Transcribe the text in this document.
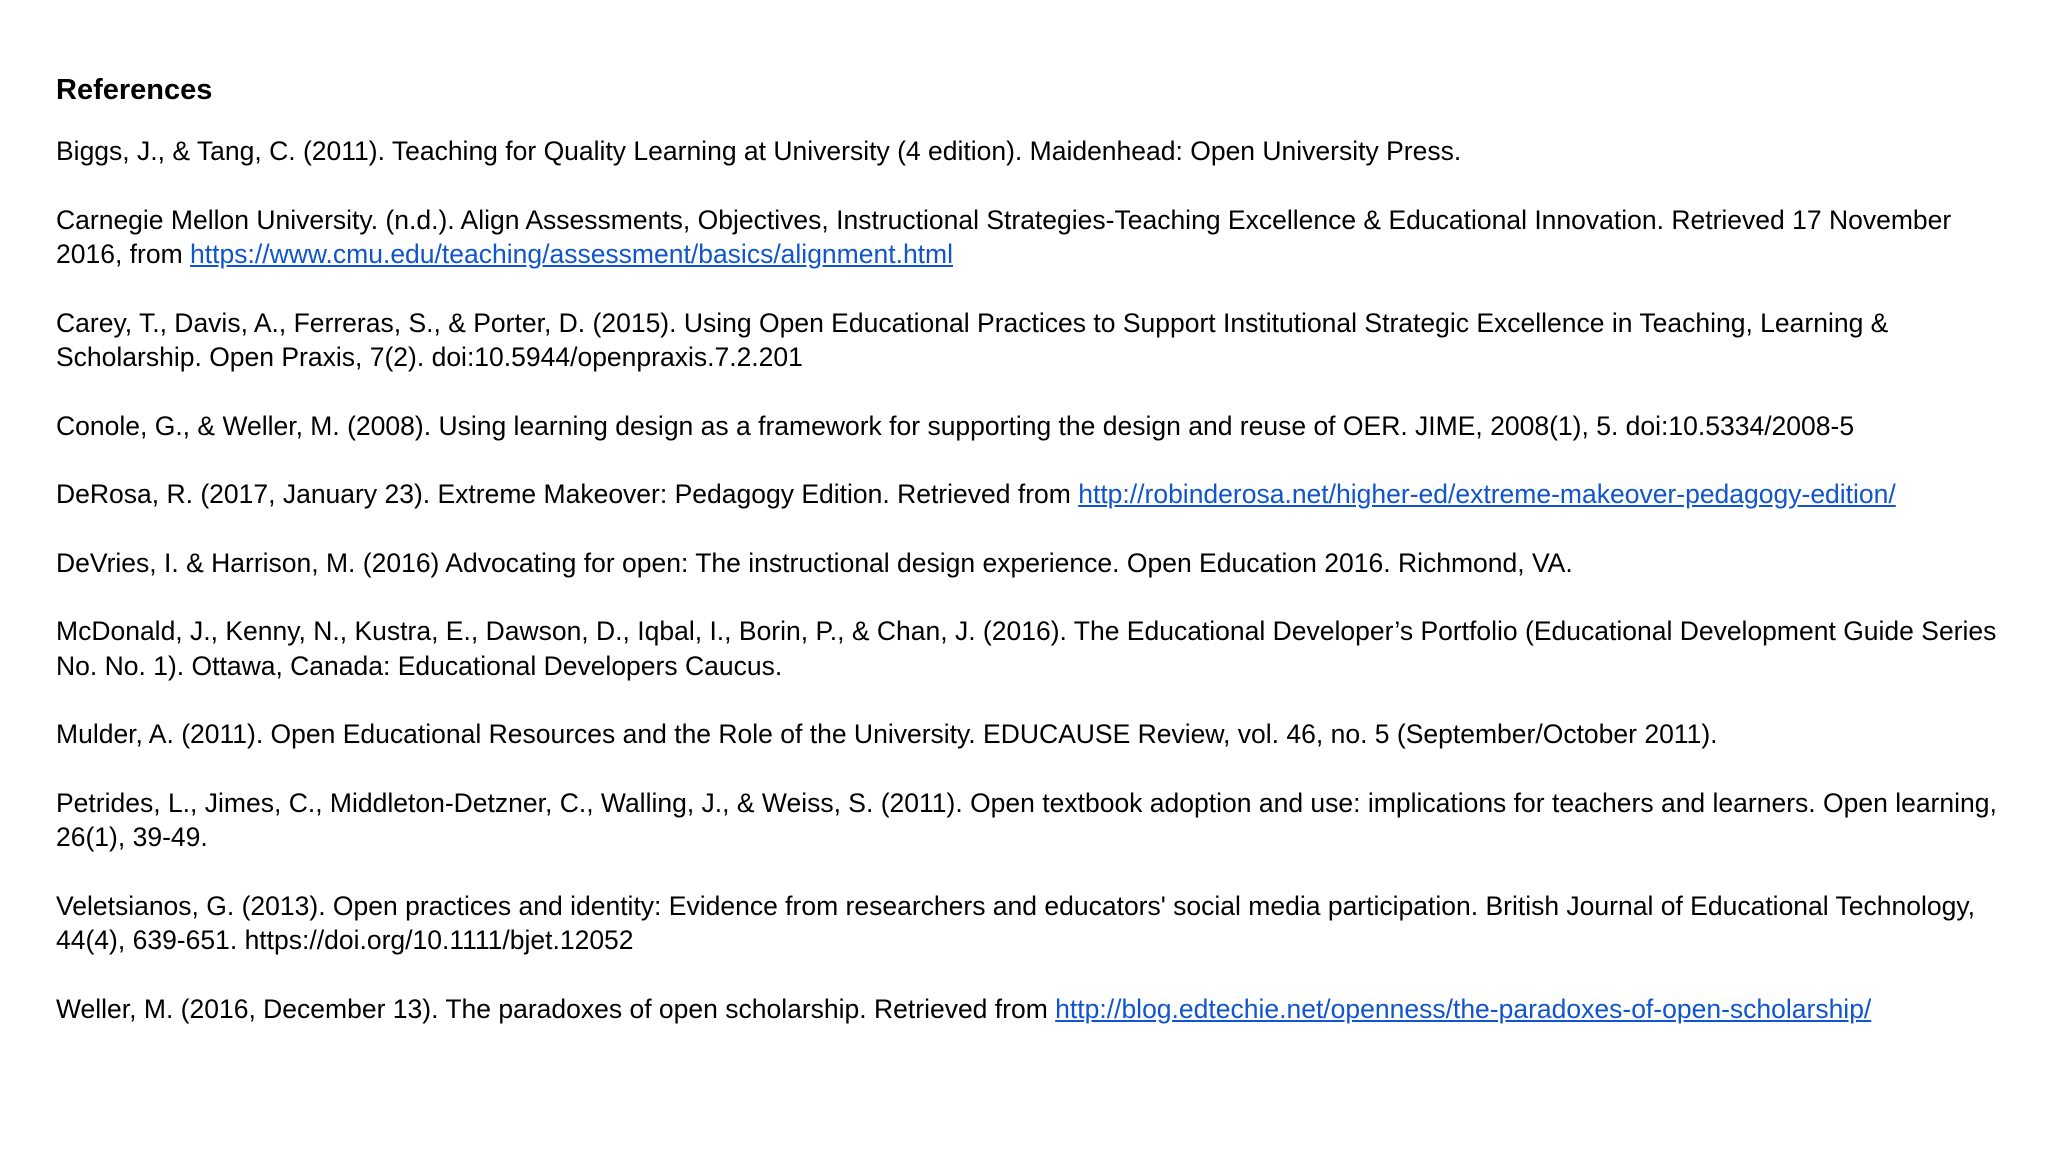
References
Biggs, J., & Tang, C. (2011). Teaching for Quality Learning at University (4 edition). Maidenhead: Open University Press.
Carnegie Mellon University. (n.d.). Align Assessments, Objectives, Instructional Strategies-Teaching Excellence & Educational Innovation. Retrieved 17 November 2016, from https://www.cmu.edu/teaching/assessment/basics/alignment.html
Carey, T., Davis, A., Ferreras, S., & Porter, D. (2015). Using Open Educational Practices to Support Institutional Strategic Excellence in Teaching, Learning & Scholarship. Open Praxis, 7(2). doi:10.5944/openpraxis.7.2.201
Conole, G., & Weller, M. (2008). Using learning design as a framework for supporting the design and reuse of OER. JIME, 2008(1), 5. doi:10.5334/2008-5
DeRosa, R. (2017, January 23). Extreme Makeover: Pedagogy Edition. Retrieved from http://robinderosa.net/higher-ed/extreme-makeover-pedagogy-edition/
DeVries, I. & Harrison, M. (2016) Advocating for open: The instructional design experience. Open Education 2016. Richmond, VA.
McDonald, J., Kenny, N., Kustra, E., Dawson, D., Iqbal, I., Borin, P., & Chan, J. (2016). The Educational Developer’s Portfolio (Educational Development Guide Series No. No. 1). Ottawa, Canada: Educational Developers Caucus.
Mulder, A. (2011). Open Educational Resources and the Role of the University. EDUCAUSE Review, vol. 46, no. 5 (September/October 2011).
Petrides, L., Jimes, C., Middleton-Detzner, C., Walling, J., & Weiss, S. (2011). Open textbook adoption and use: implications for teachers and learners. Open learning, 26(1), 39-49.
Veletsianos, G. (2013). Open practices and identity: Evidence from researchers and educators' social media participation. British Journal of Educational Technology, 44(4), 639-651. https://doi.org/10.1111/bjet.12052
Weller, M. (2016, December 13). The paradoxes of open scholarship. Retrieved from http://blog.edtechie.net/openness/the-paradoxes-of-open-scholarship/
